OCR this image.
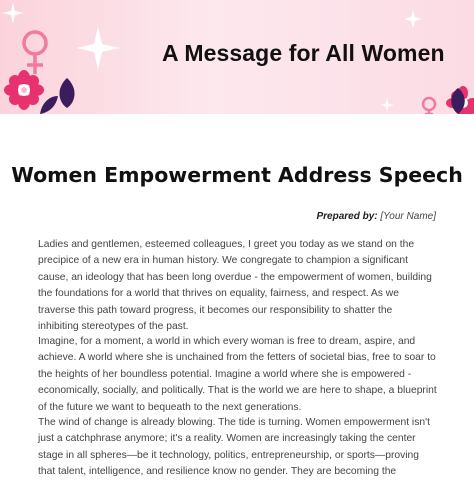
A Message for All Women
Women Empowerment Address Speech
Prepared by: [Your Name]
Ladies and gentlemen, esteemed colleagues, I greet you today as we stand on the
precipice of a new era in human history. We congregate to champion a significant
cause, an ideology that has been long overdue - the empowerment of women, building
the foundations for a world that thrives on equality, fairness, and respect. As we
traverse this path toward progress, it becomes our responsibility to shatter the
inhibiting stereotypes of the past.
Imagine, for a moment, a world in which every woman is free to dream, aspire, and
achieve. A world where she is unchained from the fetters of societal bias, free to soar to
the heights of her boundless potential. Imagine a world where she is empowered -
economically, socially, and politically. That is the world we are here to shape, a blueprint
of the future we want to bequeath to the next generations.
The wind of change is already blowing. The tide is turning. Women empowerment isn't
just a catchphrase anymore; it's a reality. Women are increasingly taking the center
stage in all spheres—be it technology, politics, entrepreneurship, or sports—proving
that talent, intelligence, and resilience know no gender. They are becoming the
